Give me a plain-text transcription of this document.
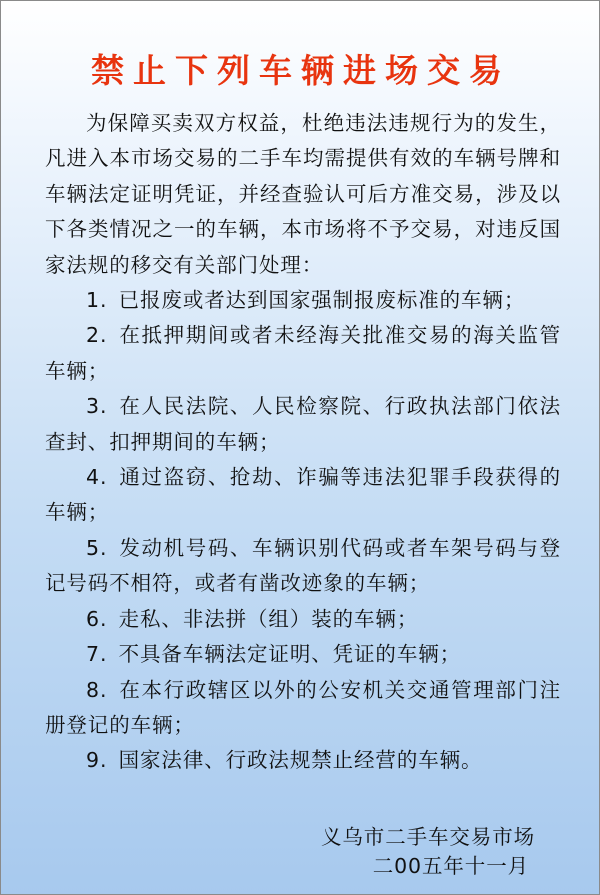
禁止下列车辆进场交易

为保障买卖双方权益，杜绝违法违规行为的发生，凡进入本市场交易的二手车均需提供有效的车辆号牌和车辆法定证明凭证，并经查验认可后方准交易，涉及以下各类情况之一的车辆，本市场将不予交易，对违反国家法规的移交有关部门处理：

1. 已报废或者达到国家强制报废标准的车辆；
2. 在抵押期间或者未经海关批准交易的海关监管车辆；
3. 在人民法院、人民检察院、行政执法部门依法查封、扣押期间的车辆；
4. 通过盗窃、抢劫、诈骗等违法犯罪手段获得的车辆；
5. 发动机号码、车辆识别代码或者车架号码与登记号码不相符，或者有凿改迹象的车辆；
6. 走私、非法拼（组）装的车辆；
7. 不具备车辆法定证明、凭证的车辆；
8. 在本行政辖区以外的公安机关交通管理部门注册登记的车辆；
9. 国家法律、行政法规禁止经营的车辆。
义乌市二手车交易市场
二00五年十一月
